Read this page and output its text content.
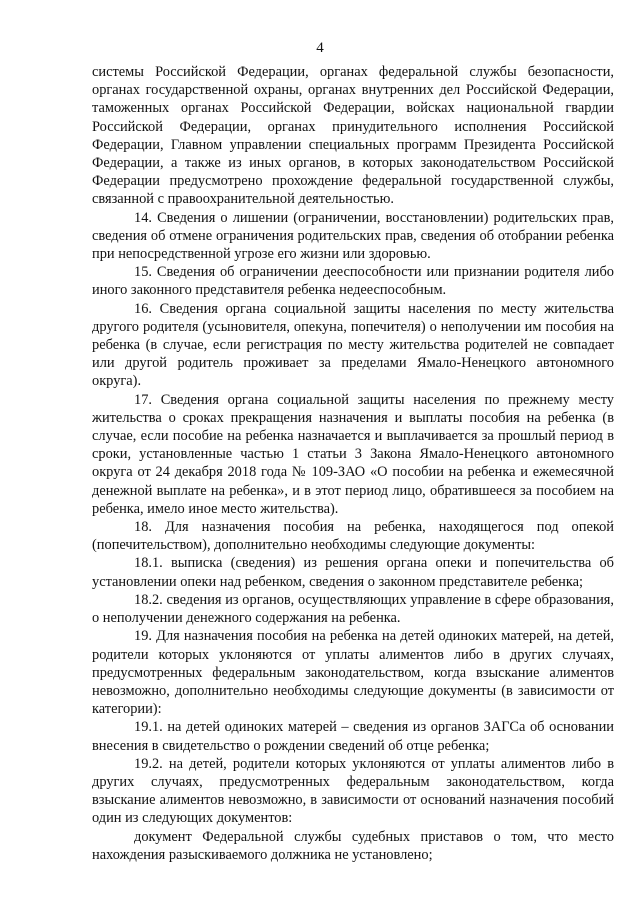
4

системы Российской Федерации, органах федеральной службы безопасности, органах государственной охраны, органах внутренних дел Российской Федерации, таможенных органах Российской Федерации, войсках национальной гвардии Российской Федерации, органах принудительного исполнения Российской Федерации, Главном управлении специальных программ Президента Российской Федерации, а также из иных органов, в которых законодательством Российской Федерации предусмотрено прохождение федеральной государственной службы, связанной с правоохранительной деятельностью.

14. Сведения о лишении (ограничении, восстановлении) родительских прав, сведения об отмене ограничения родительских прав, сведения об отобрании ребенка при непосредственной угрозе его жизни или здоровью.

15. Сведения об ограничении дееспособности или признании родителя либо иного законного представителя ребенка недееспособным.

16. Сведения органа социальной защиты населения по месту жительства другого родителя (усыновителя, опекуна, попечителя) о неполучении им пособия на ребенка (в случае, если регистрация по месту жительства родителей не совпадает или другой родитель проживает за пределами Ямало-Ненецкого автономного округа).

17. Сведения органа социальной защиты населения по прежнему месту жительства о сроках прекращения назначения и выплаты пособия на ребенка (в случае, если пособие на ребенка назначается и выплачивается за прошлый период в сроки, установленные частью 1 статьи 3 Закона Ямало-Ненецкого автономного округа от 24 декабря 2018 года № 109-ЗАО «О пособии на ребенка и ежемесячной денежной выплате на ребенка», и в этот период лицо, обратившееся за пособием на ребенка, имело иное место жительства).

18. Для назначения пособия на ребенка, находящегося под опекой (попечительством), дополнительно необходимы следующие документы:

18.1. выписка (сведения) из решения органа опеки и попечительства об установлении опеки над ребенком, сведения о законном представителе ребенка;

18.2. сведения из органов, осуществляющих управление в сфере образования, о неполучении денежного содержания на ребенка.

19. Для назначения пособия на ребенка на детей одиноких матерей, на детей, родители которых уклоняются от уплаты алиментов либо в других случаях, предусмотренных федеральным законодательством, когда взыскание алиментов невозможно, дополнительно необходимы следующие документы (в зависимости от категории):

19.1. на детей одиноких матерей – сведения из органов ЗАГСа об основании внесения в свидетельство о рождении сведений об отце ребенка;

19.2. на детей, родители которых уклоняются от уплаты алиментов либо в других случаях, предусмотренных федеральным законодательством, когда взыскание алиментов невозможно, в зависимости от оснований назначения пособий один из следующих документов:

документ Федеральной службы судебных приставов о том, что место нахождения разыскиваемого должника не установлено;
